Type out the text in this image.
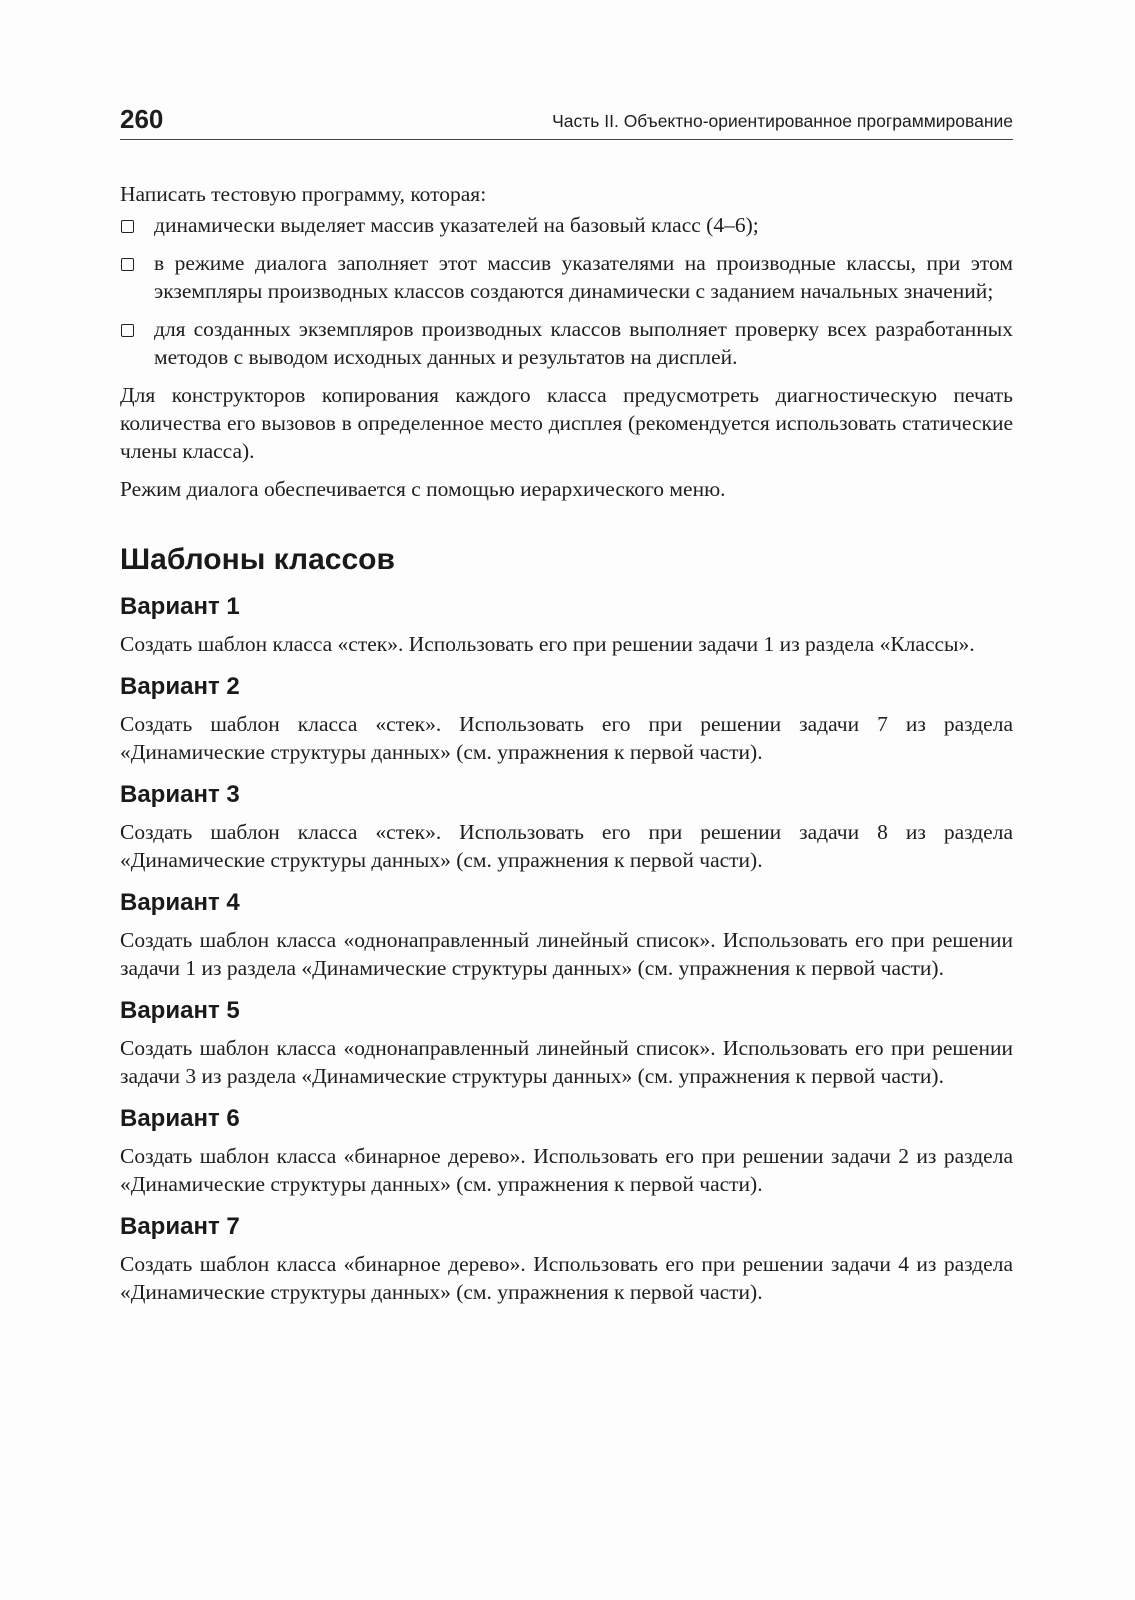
260	Часть II. Объектно-ориентированное программирование

Написать тестовую программу, которая:

динамически выделяет массив указателей на базовый класс (4–6);
в режиме диалога заполняет этот массив указателями на производные классы, при этом экземпляры производных классов создаются динамически с заданием начальных значений;
для созданных экземпляров производных классов выполняет проверку всех разработанных методов с выводом исходных данных и результатов на дисплей.

Для конструкторов копирования каждого класса предусмотреть диагностическую печать количества его вызовов в определенное место дисплея (рекомендуется использовать статические члены класса).

Режим диалога обеспечивается с помощью иерархического меню.

Шаблоны классов
Вариант 1

Создать шаблон класса «стек». Использовать его при решении задачи 1 из раздела «Классы».

Вариант 2

Создать шаблон класса «стек». Использовать его при решении задачи 7 из раздела «Динамические структуры данных» (см. упражнения к первой части).

Вариант 3

Создать шаблон класса «стек». Использовать его при решении задачи 8 из раздела «Динамические структуры данных» (см. упражнения к первой части).

Вариант 4

Создать шаблон класса «однонаправленный линейный список». Использовать его при решении задачи 1 из раздела «Динамические структуры данных» (см. упражнения к первой части).

Вариант 5

Создать шаблон класса «однонаправленный линейный список». Использовать его при решении задачи 3 из раздела «Динамические структуры данных» (см. упражнения к первой части).

Вариант 6

Создать шаблон класса «бинарное дерево». Использовать его при решении задачи 2 из раздела «Динамические структуры данных» (см. упражнения к первой части).

Вариант 7

Создать шаблон класса «бинарное дерево». Использовать его при решении задачи 4 из раздела «Динамические структуры данных» (см. упражнения к первой части).
